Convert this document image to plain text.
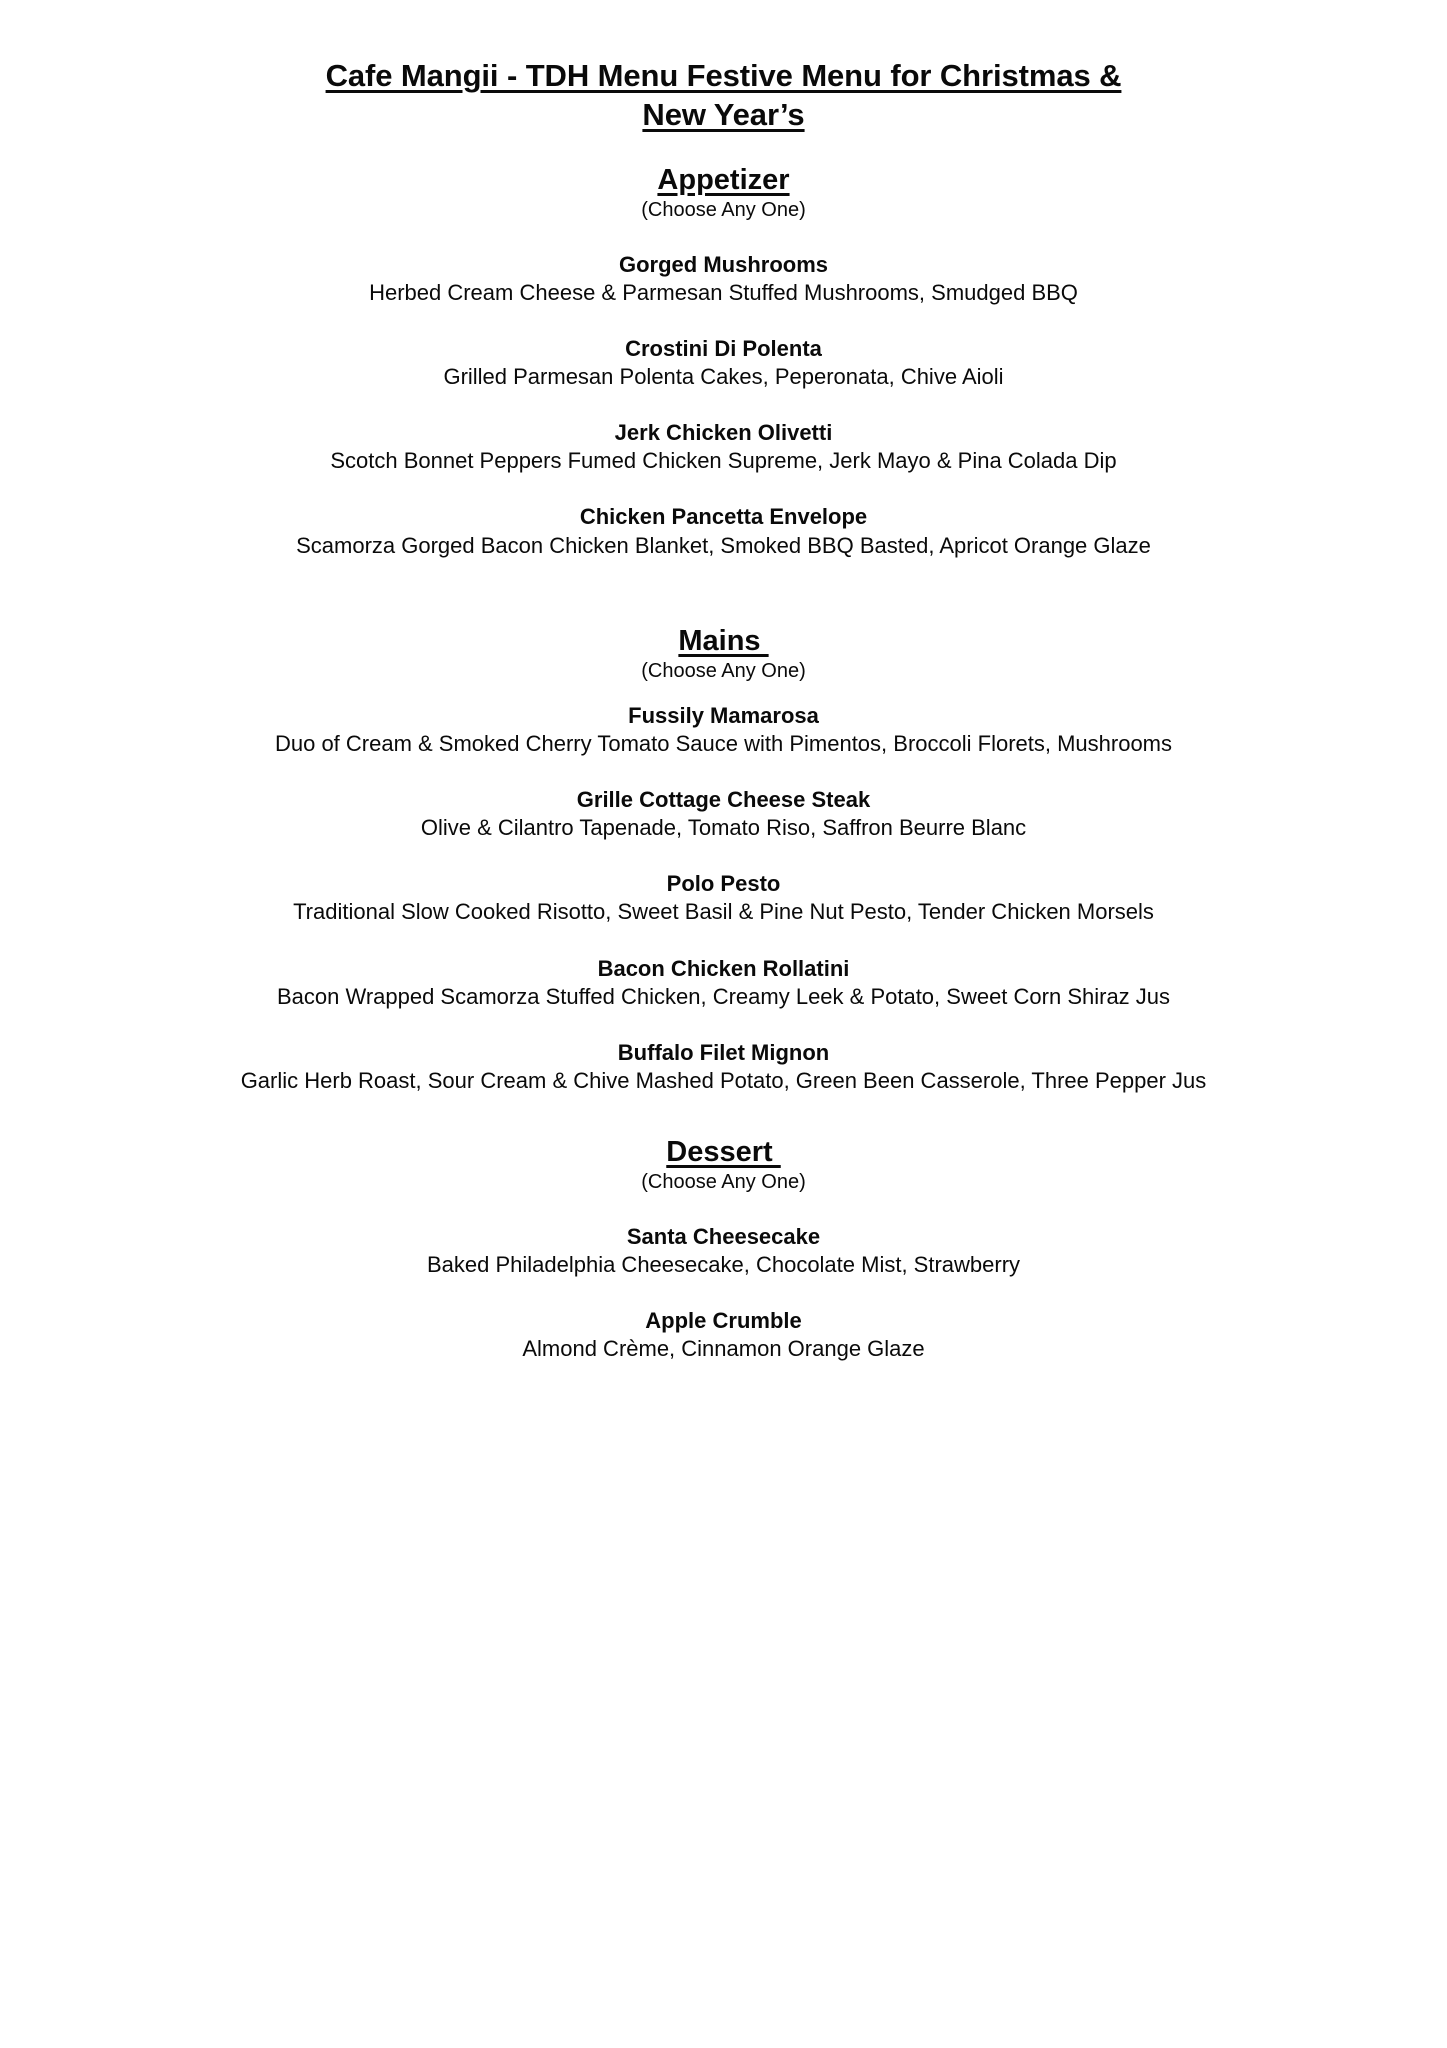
Cafe Mangii - TDH Menu Festive Menu for Christmas &
New Year’s
Appetizer
(Choose Any One)
Gorged Mushrooms
Herbed Cream Cheese & Parmesan Stuffed Mushrooms, Smudged BBQ
Crostini Di Polenta
Grilled Parmesan Polenta Cakes, Peperonata, Chive Aioli
Jerk Chicken Olivetti
Scotch Bonnet Peppers Fumed Chicken Supreme, Jerk Mayo & Pina Colada Dip
Chicken Pancetta Envelope
Scamorza Gorged Bacon Chicken Blanket, Smoked BBQ Basted, Apricot Orange Glaze
Mains
(Choose Any One)
Fussily Mamarosa
Duo of Cream & Smoked Cherry Tomato Sauce with Pimentos, Broccoli Florets, Mushrooms
Grille Cottage Cheese Steak
Olive & Cilantro Tapenade, Tomato Riso, Saffron Beurre Blanc
Polo Pesto
Traditional Slow Cooked Risotto, Sweet Basil & Pine Nut Pesto, Tender Chicken Morsels
Bacon Chicken Rollatini
Bacon Wrapped Scamorza Stuffed Chicken, Creamy Leek & Potato, Sweet Corn Shiraz Jus
Buffalo Filet Mignon
Garlic Herb Roast, Sour Cream & Chive Mashed Potato, Green Been Casserole, Three Pepper Jus
Dessert
(Choose Any One)
Santa Cheesecake
Baked Philadelphia Cheesecake, Chocolate Mist, Strawberry
Apple Crumble
Almond Crème, Cinnamon Orange Glaze
